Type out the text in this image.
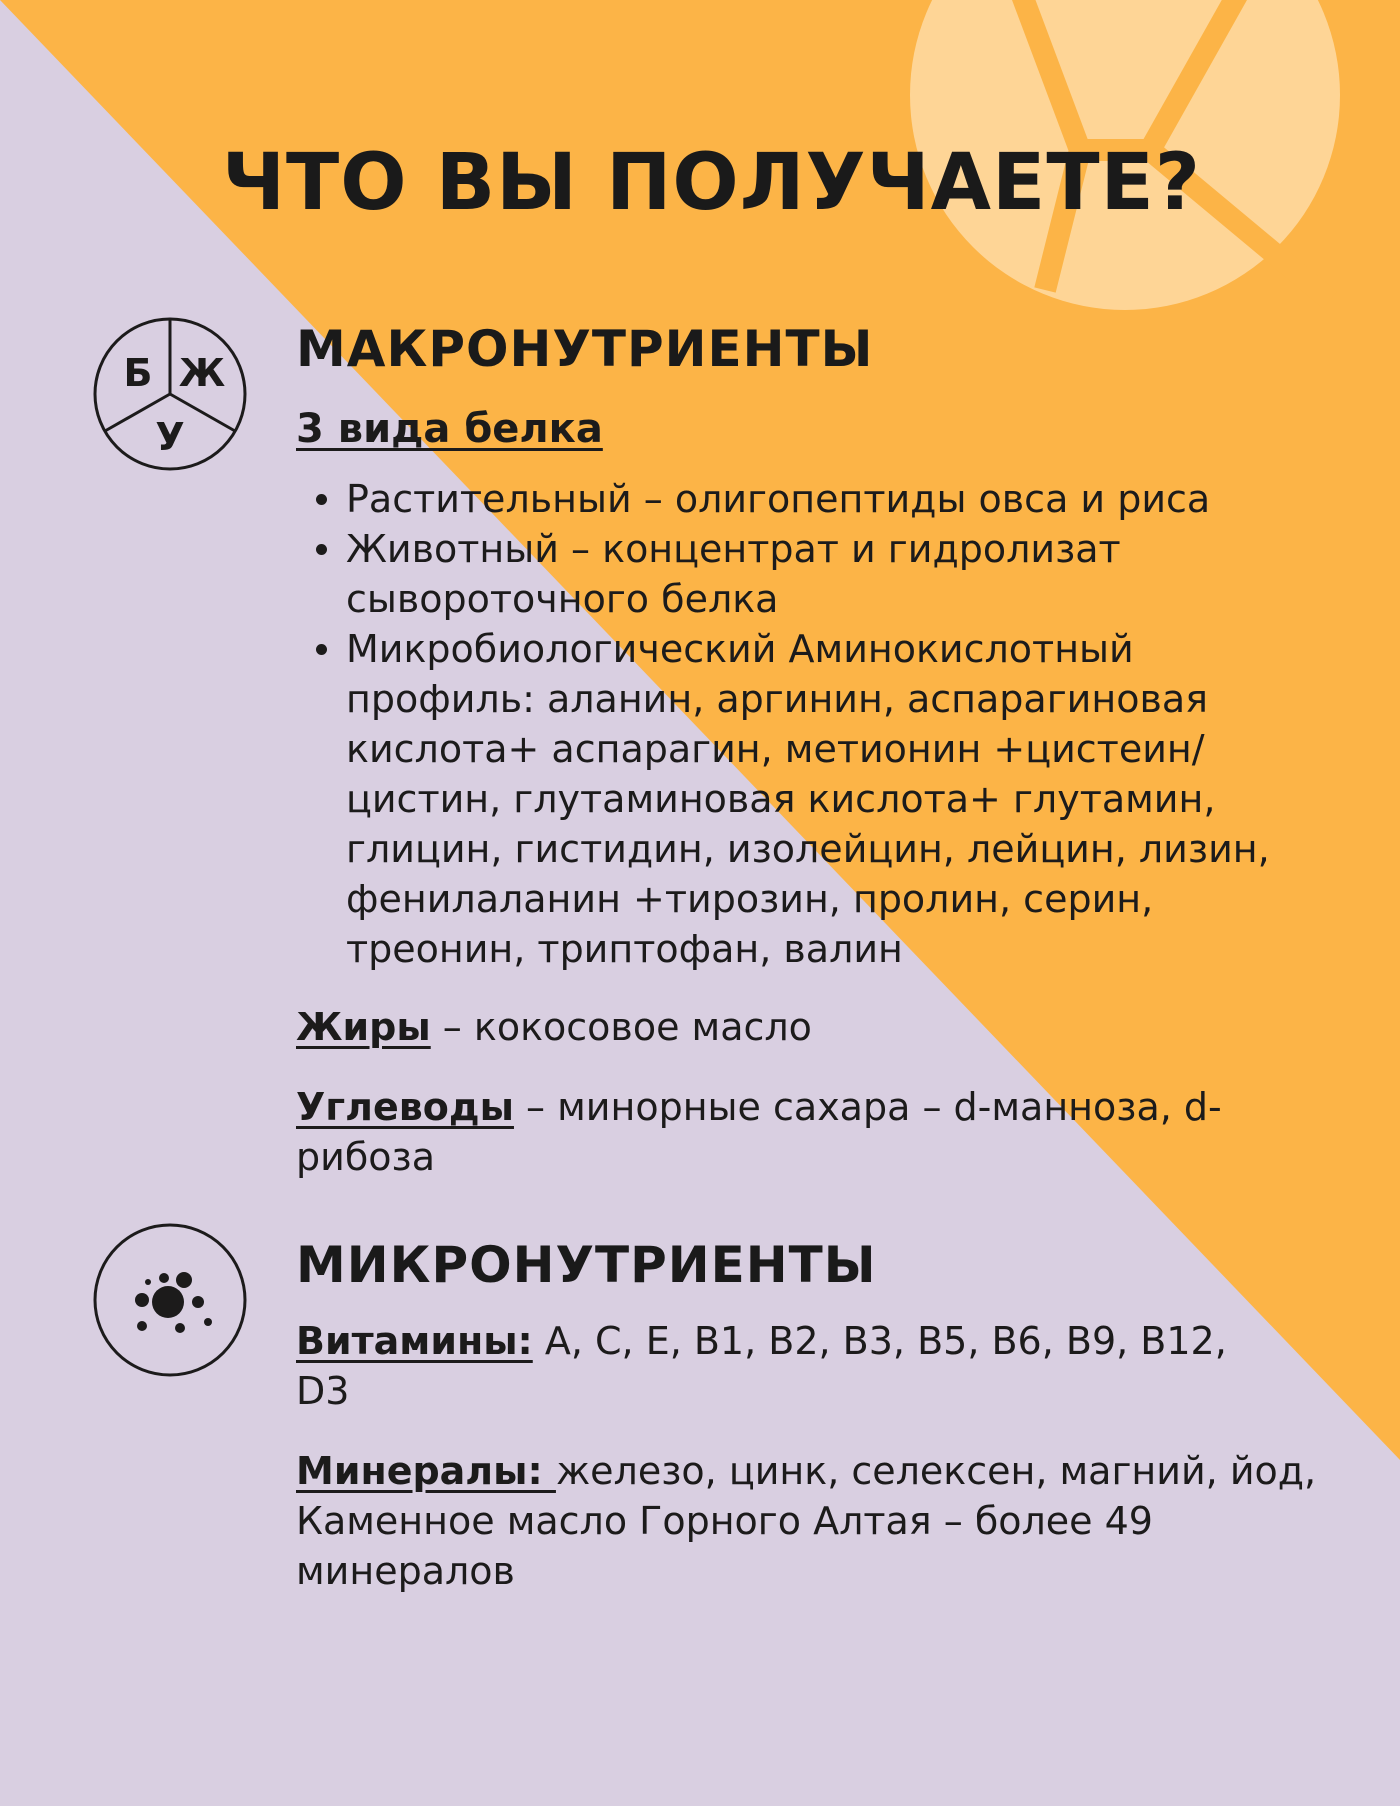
ЧТО ВЫ ПОЛУЧАЕТЕ?
Б Ж
У
МАКРОНУТРИЕНТЫ
3 вида белка
Растительный – олигопептиды овса и риса
Животный – концентрат и гидролизат сывороточного белка
Микробиологический Аминокислотный профиль: аланин, аргинин, аспарагиновая кислота+ аспарагин, метионин +цистеин/цистин, глутаминовая кислота+ глутамин, глицин, гистидин, изолейцин, лейцин, лизин, фенилаланин +тирозин, пролин, серин, треонин, триптофан, валин

Жиры – кокосовое масло

Углеводы – минорные сахара – d-манноза, d-рибоза

МИКРОНУТРИЕНТЫ

Витамины: A, C, E, B1, B2, B3, B5, B6, B9, B12, D3

Минералы: железо, цинк, селексен, магний, йод, Каменное масло Горного Алтая – более 49 минералов
